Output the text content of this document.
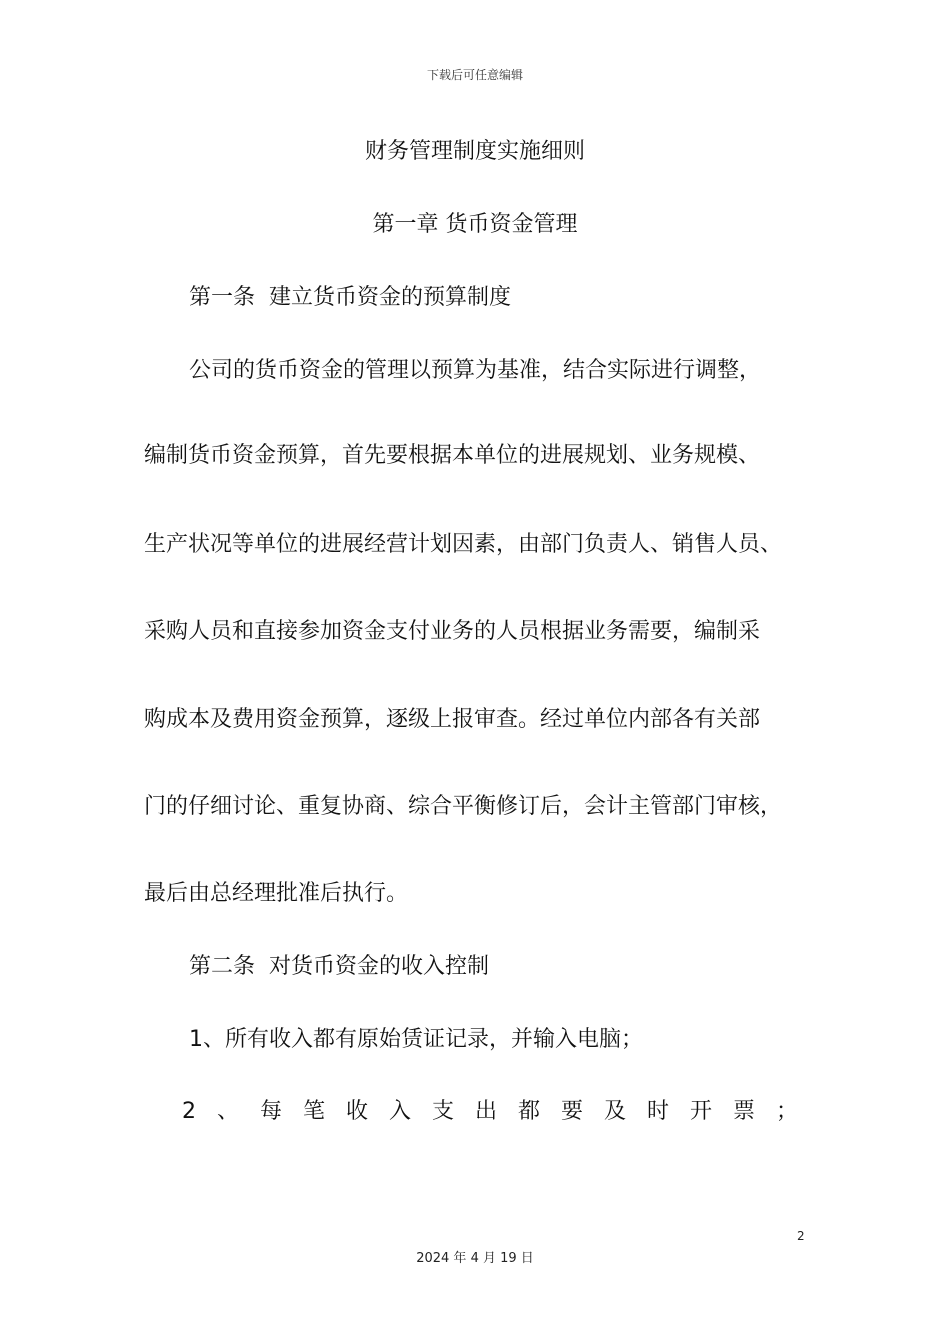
下载后可任意编辑
财务管理制度实施细则
第一章 货币资金管理
第一条  建立货币资金的预算制度
公司的货币资金的管理以预算为基准，结合实际进行调整，
编制货币资金预算，首先要根据本单位的进展规划、业务规模、
生产状况等单位的进展经营计划因素，由部门负责人、销售人员、
采购人员和直接参加资金支付业务的人员根据业务需要，编制采
购成本及费用资金预算，逐级上报审查。经过单位内部各有关部
门的仔细讨论、重复协商、综合平衡修订后，会计主管部门审核，
最后由总经理批准后执行。
第二条  对货币资金的收入控制
1、所有收入都有原始赁证记录，并输入电脑；
2、每笔收入支出都要及时开票；
2
2024 年 4 月 19 日
